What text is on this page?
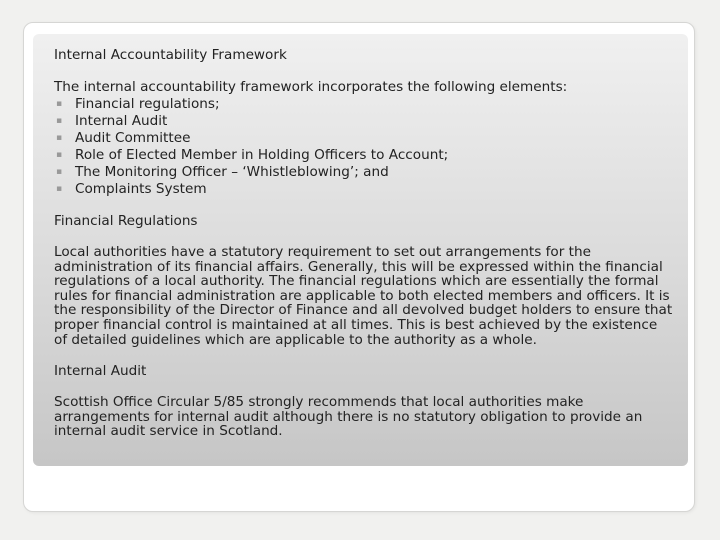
Internal Accountability Framework
The internal accountability framework incorporates the following elements:
▪ Financial regulations;
▪ Internal Audit
▪ Audit Committee
▪ Role of Elected Member in Holding Officers to Account;
▪ The Monitoring Officer – ‘Whistleblowing’; and
▪ Complaints System
Financial Regulations
Local authorities have a statutory requirement to set out arrangements for the administration of its financial affairs. Generally, this will be expressed within the financial regulations of a local authority. The financial regulations which are essentially the formal rules for financial administration are applicable to both elected members and officers. It is the responsibility of the Director of Finance and all devolved budget holders to ensure that proper financial control is maintained at all times. This is best achieved by the existence of detailed guidelines which are applicable to the authority as a whole.
Internal Audit
Scottish Office Circular 5/85 strongly recommends that local authorities make arrangements for internal audit although there is no statutory obligation to provide an internal audit service in Scotland.
